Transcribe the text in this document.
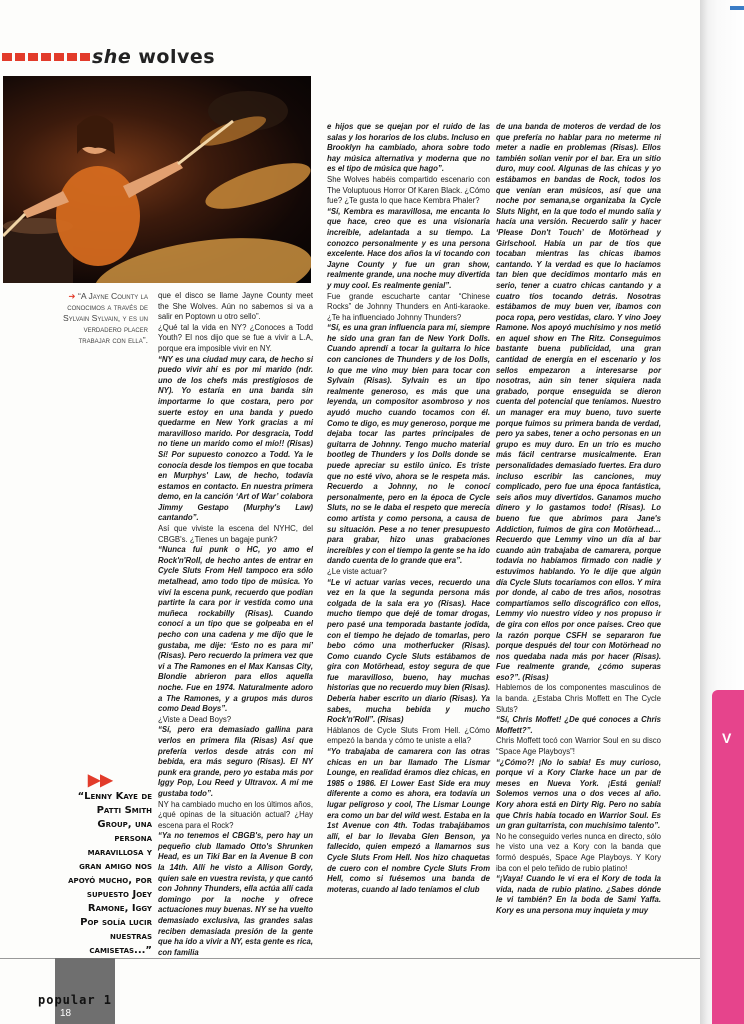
V
she wolves
➜ “A Jayne County la conocimos a través de Sylvain Sylvain, y es un verdadero placer trabajar con ella”.
▶▶
“Lenny Kaye de Patti Smith Group, una persona maravillosa y gran amigo nos apoyó mucho, por supuesto Joey Ramone, Iggy Pop solía lucir nuestras camisetas...”

que el disco se llame Jayne County meet the She Wolves. Aún no sabemos si va a salir en Poptown u otro sello”.

¿Qué tal la vida en NY? ¿Conoces a Todd Youth? El nos dijo que se fue a vivir a L.A, porque era imposible vivir en NY.

“NY es una ciudad muy cara, de hecho si puedo vivir ahí es por mi marido (ndr. uno de los chefs más prestigiosos de NY). Yo estaría en una banda sin importarme lo que costara, pero por suerte estoy en una banda y puedo quedarme en New York gracias a mi maravilloso marido. Por desgracia, Todd no tiene un marido como el mío!! (Risas) Sí! Por supuesto conozco a Todd. Ya le conocía desde los tiempos en que tocaba en Murphys' Law, de hecho, todavía estamos en contacto. En nuestra primera demo, en la canción ‘Art of War’ colabora Jimmy Gestapo (Murphy's Law) cantando”.

Así que viviste la escena del NYHC, del CBGB's. ¿Tienes un bagaje punk?

“Nunca fui punk o HC, yo amo el Rock'n'Roll, de hecho antes de entrar en Cycle Sluts From Hell tampoco era sólo metalhead, amo todo tipo de música. Yo viví la escena punk, recuerdo que podían partirte la cara por ir vestida como una muñeca rockabilly (Risas). Cuando conocí a un tipo que se golpeaba en el pecho con una cadena y me dijo que le gustaba, me dije: ‘Esto no es para mí’ (Risas). Pero recuerdo la primera vez que vi a The Ramones en el Max Kansas City, Blondie abrieron para ellos aquella noche. Fue en 1974. Naturalmente adoro a The Ramones, y a grupos más duros como Dead Boys”.

¿Viste a Dead Boys?

“Sí, pero era demasiado gallina para verlos en primera fila (Risas) Así que prefería verlos desde atrás con mi bebida, era más seguro (Risas). El NY punk era grande, pero yo estaba más por Iggy Pop, Lou Reed y Ultravox. A mí me gustaba todo”.

NY ha cambiado mucho en los últimos años, ¿qué opinas de la situación actual? ¿Hay escena para el Rock?

“Ya no tenemos el CBGB's, pero hay un pequeño club llamado Otto's Shrunken Head, es un Tiki Bar en la Avenue B con la 14th. Allí he visto a Allison Gordy, quien sale en vuestra revista, y que cantó con Johnny Thunders, ella actúa allí cada domingo por la noche y ofrece actuaciones muy buenas. NY se ha vuelto demasiado exclusiva, las grandes salas reciben demasiada presión de la gente que ha ido a vivir a NY, esta gente es rica, con familia

e hijos que se quejan por el ruido de las salas y los horarios de los clubs. Incluso en Brooklyn ha cambiado, ahora sobre todo hay música alternativa y moderna que no es el tipo de música que hago”.

She Wolves habéis compartido escenario con The Voluptuous Horror Of Karen Black. ¿Cómo fue? ¿Te gusta lo que hace Kembra Phaler?

“Sí, Kembra es maravillosa, me encanta lo que hace, creo que es una visionaria increíble, adelantada a su tiempo. La conozco personalmente y es una persona excelente. Hace dos años la vi tocando con Jayne County y fue un gran show, realmente grande, una noche muy divertida y muy cool. Es realmente genial”.

Fue grande escucharte cantar “Chinese Rocks” de Johnny Thunders en Anti-karaoke. ¿Te ha influenciado Johnny Thunders?

“Sí, es una gran influencia para mí, siempre he sido una gran fan de New York Dolls. Cuando aprendí a tocar la guitarra lo hice con canciones de Thunders y de los Dolls, lo que me vino muy bien para tocar con Sylvain (Risas). Sylvain es un tipo realmente generoso, es más que una leyenda, un compositor asombroso y nos ayudó mucho cuando tocamos con él. Como te digo, es muy generoso, porque me dejaba tocar las partes principales de guitarra de Johnny. Tengo mucho material bootleg de Thunders y los Dolls donde se puede apreciar su estilo único. Es triste que no esté vivo, ahora se le respeta más. Recuerdo a Johnny, no le conocí personalmente, pero en la época de Cycle Sluts, no se le daba el respeto que merecía como artista y como persona, a causa de su situación. Pese a no tener presupuesto para grabar, hizo unas grabaciones increíbles y con el tiempo la gente se ha ido dando cuenta de lo grande que era”.

¿Le viste actuar?

“Le vi actuar varias veces, recuerdo una vez en la que la segunda persona más colgada de la sala era yo (Risas). Hace mucho tiempo que dejé de tomar drogas, pero pasé una temporada bastante jodida, con el tiempo he dejado de tomarlas, pero bebo cómo una motherfucker (Risas). Como cuando Cycle Sluts estábamos de gira con Motörhead, estoy segura de que fue maravilloso, bueno, hay muchas historias que no recuerdo muy bien (Risas). Debería haber escrito un diario (Risas). Ya sabes, mucha bebida y mucho Rock'n'Roll”. (Risas)

Háblanos de Cycle Sluts From Hell. ¿Cómo empezó la banda y cómo te uniste a ella?

“Yo trabajaba de camarera con las otras chicas en un bar llamado The Lismar Lounge, en realidad éramos diez chicas, en 1985 o 1986. El Lower East Side era muy diferente a como es ahora, era todavía un lugar peligroso y cool, The Lismar Lounge era como un bar del wild west. Estaba en la 1st Avenue con 4th. Todas trabajábamos allí, el bar lo llevaba Glen Benson, ya fallecido, quien empezó a llamarnos sus Cycle Sluts From Hell. Nos hizo chaquetas de cuero con el nombre Cycle Sluts From Hell, como si fuésemos una banda de moteras, cuando al lado teníamos el club

de una banda de moteros de verdad de los que prefería no hablar para no meterme ni meter a nadie en problemas (Risas). Ellos también solían venir por el bar. Era un sitio duro, muy cool. Algunas de las chicas y yo estábamos en bandas de Rock, todos los que venían eran músicos, así que una noche por semana,se organizaba la Cycle Sluts Night, en la que todo el mundo salía y hacía una versión. Recuerdo salir y hacer ‘Please Don't Touch’ de Motörhead y Girlschool. Había un par de tíos que tocaban mientras las chicas íbamos cantando. Y la verdad es que lo hacíamos tan bien que decidimos montarlo más en serio, tener a cuatro chicas cantando y a cuatro tíos tocando detrás. Nosotras estábamos de muy buen ver, íbamos con poca ropa, pero vestidas, claro. Y vino Joey Ramone. Nos apoyó muchísimo y nos metió en aquel show en The Ritz. Conseguimos bastante buena publicidad, una gran cantidad de energía en el escenario y los sellos empezaron a interesarse por nosotras, aún sin tener siquiera nada grabado, porque enseguida se dieron cuenta del potencial que teníamos. Nuestro un manager era muy bueno, tuvo suerte porque fuimos su primera banda de verdad, pero ya sabes, tener a ocho personas en un grupo es muy duro. En un trío es mucho más fácil centrarse musicalmente. Eran personalidades demasiado fuertes. Era duro incluso escribir las canciones, muy complicado, pero fue una época fantástica, seis años muy divertidos. Ganamos mucho dinero y lo gastamos todo! (Risas). Lo bueno fue que abrimos para Jane's Addiction, fuimos de gira con Motörhead… Recuerdo que Lemmy vino un día al bar cuando aún trabajaba de camarera, porque todavía no habíamos firmado con nadie y estuvimos hablando. Yo le dije que algún día Cycle Sluts tocaríamos con ellos. Y mira por donde, al cabo de tres años, nosotras compartíamos sello discográfico con ellos, Lemmy vio nuestro vídeo y nos propuso ir de gira con ellos por once países. Creo que la razón porque CSFH se separaron fue porque después del tour con Motörhead no nos quedaba nada más por hacer (Risas). Fue realmente grande, ¿cómo superas eso?”. (Risas)

Hablemos de los componentes masculinos de la banda. ¿Estaba Chris Moffett en The Cycle Sluts?

“Sí, Chris Moffet! ¿De qué conoces a Chris Moffett?”.

Chris Moffett tocó con Warrior Soul en su disco “Space Age Playboys”!

“¿Cómo?! ¡No lo sabía! Es muy curioso, porque vi a Kory Clarke hace un par de meses en Nueva York. ¡Está genial! Solemos vernos una o dos veces al año. Kory ahora está en Dirty Rig. Pero no sabía que Chris había tocado en Warrior Soul. Es un gran guitarrista, con muchísimo talento”.

No he conseguido verles nunca en directo, sólo he visto una vez a Kory con la banda que formó después, Space Age Playboys. Y Kory iba con el pelo teñido de rubio platino!

“¡Vaya! Cuando le vi era el Kory de toda la vida, nada de rubio platino. ¿Sabes dónde le vi también? En la boda de Sami Yaffa. Kory es una persona muy inquieta y muy

popular 1
18
